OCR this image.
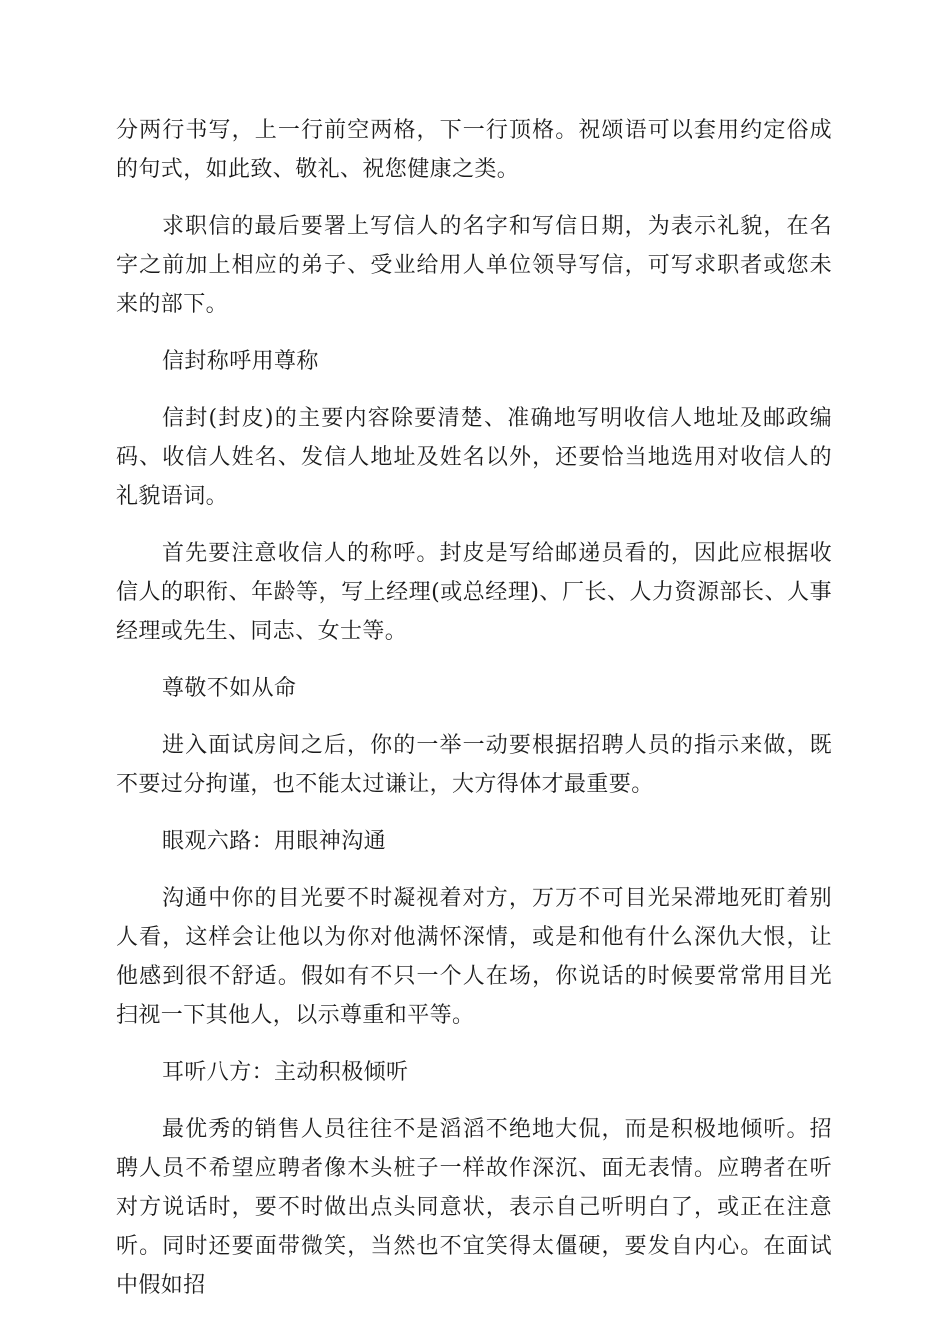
分两行书写，上一行前空两格，下一行顶格。祝颂语可以套用约定俗成的句式，如此致、敬礼、祝您健康之类。

求职信的最后要署上写信人的名字和写信日期，为表示礼貌，在名字之前加上相应的弟子、受业给用人单位领导写信，可写求职者或您未来的部下。

信封称呼用尊称

信封(封皮)的主要内容除要清楚、准确地写明收信人地址及邮政编码、收信人姓名、发信人地址及姓名以外，还要恰当地选用对收信人的礼貌语词。

首先要注意收信人的称呼。封皮是写给邮递员看的，因此应根据收信人的职衔、年龄等，写上经理(或总经理)、厂长、人力资源部长、人事经理或先生、同志、女士等。

尊敬不如从命

进入面试房间之后，你的一举一动要根据招聘人员的指示来做，既不要过分拘谨，也不能太过谦让，大方得体才最重要。

眼观六路：用眼神沟通

沟通中你的目光要不时凝视着对方，万万不可目光呆滞地死盯着别人看，这样会让他以为你对他满怀深情，或是和他有什么深仇大恨，让他感到很不舒适。假如有不只一个人在场，你说话的时候要常常用目光扫视一下其他人，以示尊重和平等。

耳听八方：主动积极倾听

最优秀的销售人员往往不是滔滔不绝地大侃，而是积极地倾听。招聘人员不希望应聘者像木头桩子一样故作深沉、面无表情。应聘者在听对方说话时，要不时做出点头同意状，表示自己听明白了，或正在注意听。同时还要面带微笑，当然也不宜笑得太僵硬，要发自内心。在面试中假如招
